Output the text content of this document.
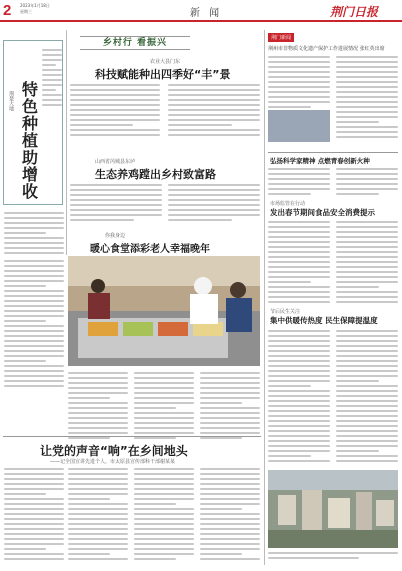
2 2023年1月18日
星期三	新 闻	荆门日报
乡村行 看振兴
荆楚大地
特
色
种
植
助
增
收
农业大县门东
科技赋能种出四季好“丰”景
山西省芮城县东垆
生态养鸡蹚出乡村致富路
你我身边
暖心食堂添彩老人幸福晚年
让党的声音“响”在乡间地头
——记全国宣讲先进个人、市太原县宣传部科干部谢某某
荆门新闻
荆州市非物质文化遗产保护工作进展情况 张红英出席
弘扬科学家精神 点燃青春创新火种
市场监管在行动
发出春节期间食品安全消费提示
节后民生关注
集中供暖传热度 民生保障提温度
